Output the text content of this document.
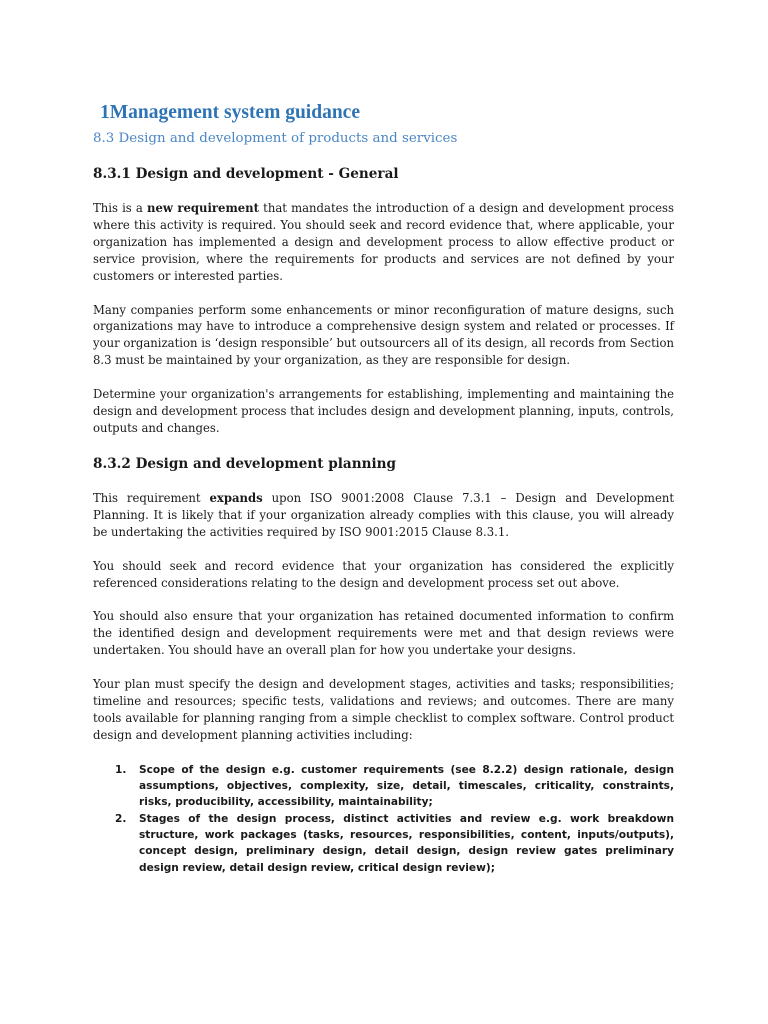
1Management system guidance
8.3 Design and development of products and services
8.3.1 Design and development - General

This is a new requirement that mandates the introduction of a design and development process where this activity is required. You should seek and record evidence that, where applicable, your organization has implemented a design and development process to allow effective product or service provision, where the requirements for products and services are not defined by your customers or interested parties.

Many companies perform some enhancements or minor reconfiguration of mature designs, such organizations may have to introduce a comprehensive design system and related or processes. If your organization is ‘design responsible’ but outsourcers all of its design, all records from Section 8.3 must be maintained by your organization, as they are responsible for design.

Determine your organization's arrangements for establishing, implementing and maintaining the design and development process that includes design and development planning, inputs, controls, outputs and changes.

8.3.2 Design and development planning

This requirement expands upon ISO 9001:2008 Clause 7.3.1 – Design and Development Planning. It is likely that if your organization already complies with this clause, you will already be undertaking the activities required by ISO 9001:2015 Clause 8.3.1.

You should seek and record evidence that your organization has considered the explicitly referenced considerations relating to the design and development process set out above.

You should also ensure that your organization has retained documented information to confirm the identified design and development requirements were met and that design reviews were undertaken. You should have an overall plan for how you undertake your designs.

Your plan must specify the design and development stages, activities and tasks; responsibilities; timeline and resources; specific tests, validations and reviews; and outcomes. There are many tools available for planning ranging from a simple checklist to complex software. Control product design and development planning activities including:

1. Scope of the design e.g. customer requirements (see 8.2.2) design rationale, design assumptions, objectives, complexity, size, detail, timescales, criticality, constraints, risks, producibility, accessibility, maintainability;
2. Stages of the design process, distinct activities and review e.g. work breakdown structure, work packages (tasks, resources, responsibilities, content, inputs/outputs), concept design, preliminary design, detail design, design review gates preliminary design review, detail design review, critical design review);
